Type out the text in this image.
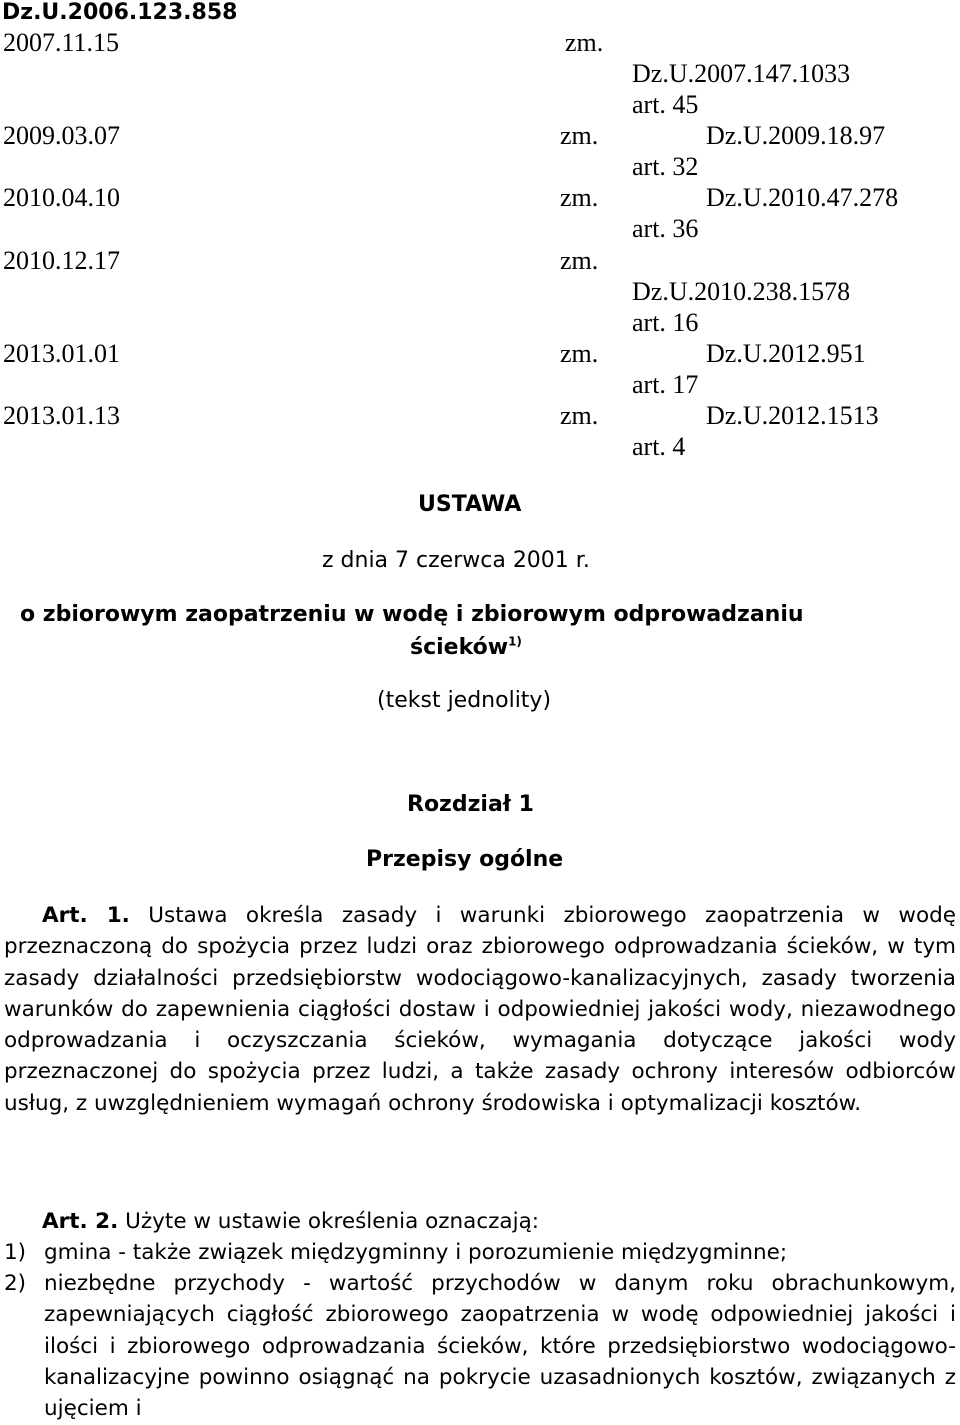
Dz.U.2006.123.858
2007.11.15	zm.
Dz.U.2007.147.1033
art. 45
2009.03.07	zm.	Dz.U.2009.18.97
art. 32
2010.04.10	zm.	Dz.U.2010.47.278
art. 36
2010.12.17	zm.
Dz.U.2010.238.1578
art. 16
2013.01.01	zm.	Dz.U.2012.951
art. 17
2013.01.13	zm.	Dz.U.2012.1513
art. 4
USTAWA
z dnia 7 czerwca 2001 r.
o zbiorowym zaopatrzeniu w wodę i zbiorowym odprowadzaniu
ścieków$^{1)}$
(tekst jednolity)
Rozdział 1
Przepisy ogólne
Art. 1. Ustawa określa zasady i warunki zbiorowego zaopatrzenia w wodę przeznaczoną do spożycia przez ludzi oraz zbiorowego odprowadzania ścieków, w tym zasady działalności przedsiębiorstw wodociągowo-kanalizacyjnych, zasady tworzenia warunków do zapewnienia ciągłości dostaw i odpowiedniej jakości wody, niezawodnego odprowadzania i oczyszczania ścieków, wymagania dotyczące jakości wody przeznaczonej do spożycia przez ludzi, a także zasady ochrony interesów odbiorców usług, z uwzględnieniem wymagań ochrony środowiska i optymalizacji kosztów.
Art. 2. Użyte w ustawie określenia oznaczają:
1) gmina - także związek międzygminny i porozumienie międzygminne;
2) niezbędne przychody - wartość przychodów w danym roku obrachunkowym, zapewniających ciągłość zbiorowego zaopatrzenia w wodę odpowiedniej jakości i ilości i zbiorowego odprowadzania ścieków, które przedsiębiorstwo wodociągowo-kanalizacyjne powinno osiągnąć na pokrycie uzasadnionych kosztów, związanych z ujęciem i
